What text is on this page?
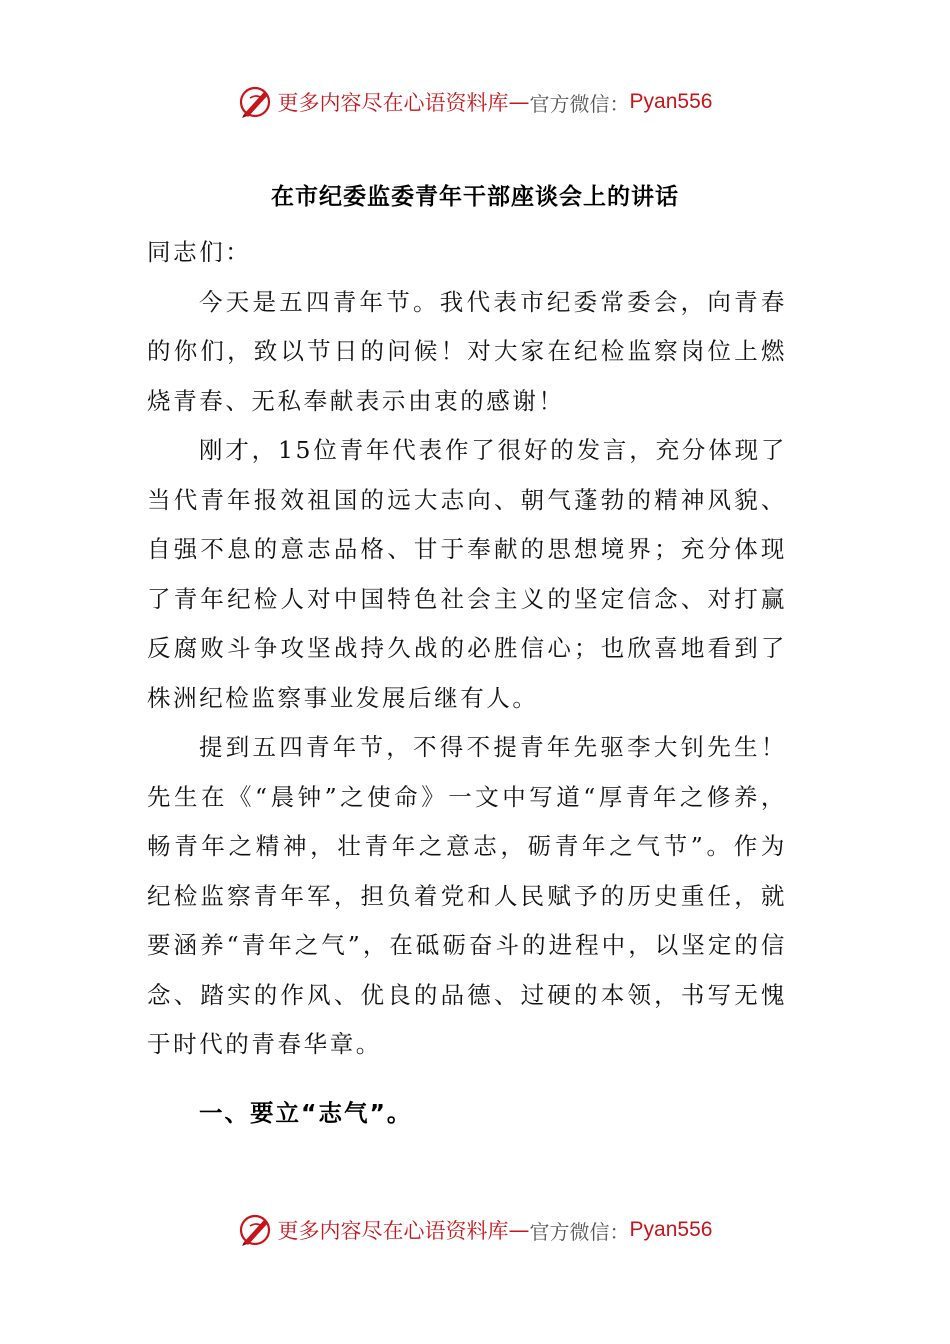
更多内容尽在心语资料库 — 官方微信： Pyan556
在市纪委监委青年干部座谈会上的讲话

同志们：

今天是五四青年节。我代表市纪委常委会，向青春的你们，致以节日的问候！对大家在纪检监察岗位上燃烧青春、无私奉献表示由衷的感谢！

刚才，15位青年代表作了很好的发言，充分体现了当代青年报效祖国的远大志向、朝气蓬勃的精神风貌、自强不息的意志品格、甘于奉献的思想境界；充分体现了青年纪检人对中国特色社会主义的坚定信念、对打赢反腐败斗争攻坚战持久战的必胜信心；也欣喜地看到了株洲纪检监察事业发展后继有人。

提到五四青年节，不得不提青年先驱李大钊先生！先生在《“晨钟”之使命》一文中写道“厚青年之修养，畅青年之精神，壮青年之意志，砺青年之气节”。作为纪检监察青年军，担负着党和人民赋予的历史重任，就要涵养“青年之气”，在砥砺奋斗的进程中，以坚定的信念、踏实的作风、优良的品德、过硬的本领，书写无愧于时代的青春华章。

一、要立“志气”。
更多内容尽在心语资料库 — 官方微信： Pyan556
